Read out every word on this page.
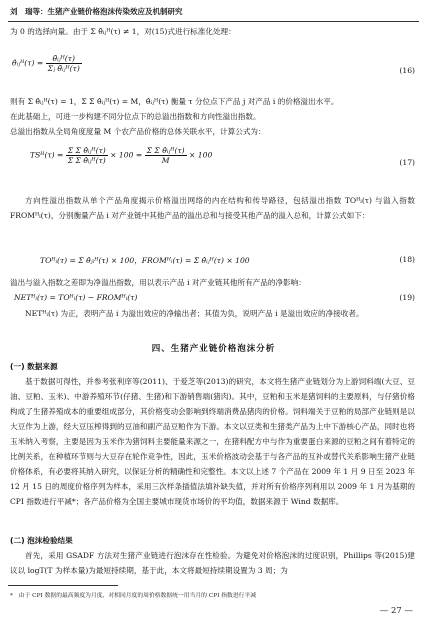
刘　瑞等：生猪产业链价格泡沫传染效应及机制研究
为 0 的选择向量。由于 Σ θ̃ᵢⱼᴴ(τ) ≠ 1，对(15)式进行标准化处理：
θ̂ᵢⱼᴴ(τ) = $\frac{\text{θ̃ᵢⱼᴴ(τ)}}{\text{Σⱼ θ̃ᵢⱼᴴ(τ)}}$	(16)
则有 Σ θ̂ᵢⱼᴴ(τ) = 1，Σ Σ θ̂ᵢⱼᴴ(τ) = M，θ̂ᵢⱼᴴ(τ) 衡量 τ 分位点下产品 j 对产品 i 的价格溢出水平。
在此基础上，可进一步构建不同分位点下的总溢出指数和方向性溢出指数。
总溢出指数从全局角度度量 M 个农产品价格的总体关联水平，计算公式为：
TSᴴ(τ) = $\frac{\text{Σ Σ θ̂ᵢⱼᴴ(τ)}}{\text{Σ Σ θ̂ᵢⱼᴴ(τ)}} \times 100 = \frac{\text{Σ Σ θ̂ᵢⱼᴴ(τ)}}{M} \times 100$
(17)
方向性溢出指数从单个产品角度揭示价格溢出网络的内在结构和传导路径，包括溢出指数 TOᴴᵢ(τ) 与溢入指数 FROMᴴᵢ(τ)，分别衡量产品 i 对产业链中其他产品的溢出总和与接受其他产品的溢入总和，计算公式如下：
TOᴴᵢ(τ) = Σ θ̂ⱼᵢᴴ(τ) × 100，FROMᴴᵢ(τ) = Σ θ̂ᵢⱼᴴ(τ) × 100	(18)
溢出与溢入指数之差即为净溢出指数，用以表示产品 i 对产业链其他所有产品的净影响：
NETᴴᵢ(τ) = TOᴴᵢ(τ) − FROMᴴᵢ(τ)	(19)
NETᴴᵢ(τ) 为正，表明产品 i 为溢出效应的净输出者；其值为负，说明产品 i 是溢出效应的净接收者。
四、生猪产业链价格泡沫分析
(一) 数据来源
基于数据可得性，并参考张利庠等(2011)、于爱芝等(2013)的研究，本文将生猪产业链划分为上游饲料端(大豆、豆油、豆粕、玉米)、中游养殖环节(仔猪、生猪)和下游销售端(猪肉)。其中，豆粕和玉米是猪饲料的主要原料，与仔猪价格构成了生猪养殖成本的重要组成部分，其价格变动会影响到终端消费品猪肉的价格。饲料端关于豆粕的局部产业链则是以大豆作为上游，经大豆压榨得到的豆油和副产品豆粕作为下游。本文以豆类和生猪类产品为上中下游核心产品，同时也将玉米纳入考察，主要是因为玉米作为猪饲料主要能量来源之一，在猪料配方中与作为重要蛋白来源的豆粕之间有着特定的比例关系，在种植环节则与大豆存在轮作竞争性，因此，玉米价格波动会基于与各产品的互补或替代关系影响生猪产业链价格体系，有必要将其纳入研究，以保证分析的精确性和完整性。本文以上述 7 个产品在 2009 年 1 月 9 日至 2023 年 12 月 15 日的周度价格序列为样本，采用三次样条插值法填补缺失值，并对所有价格序列利用以 2009 年 1 月为基期的 CPI 指数进行平减*；各产品价格为全国主要城市现货市场价的平均值，数据来源于 Wind 数据库。
(二) 泡沫检验结果
首先，采用 GSADF 方法对生猪产业链进行泡沫存在性检验。为避免对价格泡沫的过度识别，Phillips 等(2015)建议以 logT(T 为样本量)为最短持续期，基于此，本文将最短持续期设置为 3 周；为
*　由于 CPI 数据的最高频度为月度，对相同月度的周价格数据统一用当月的 CPI 指数进行平减
— 27 —
